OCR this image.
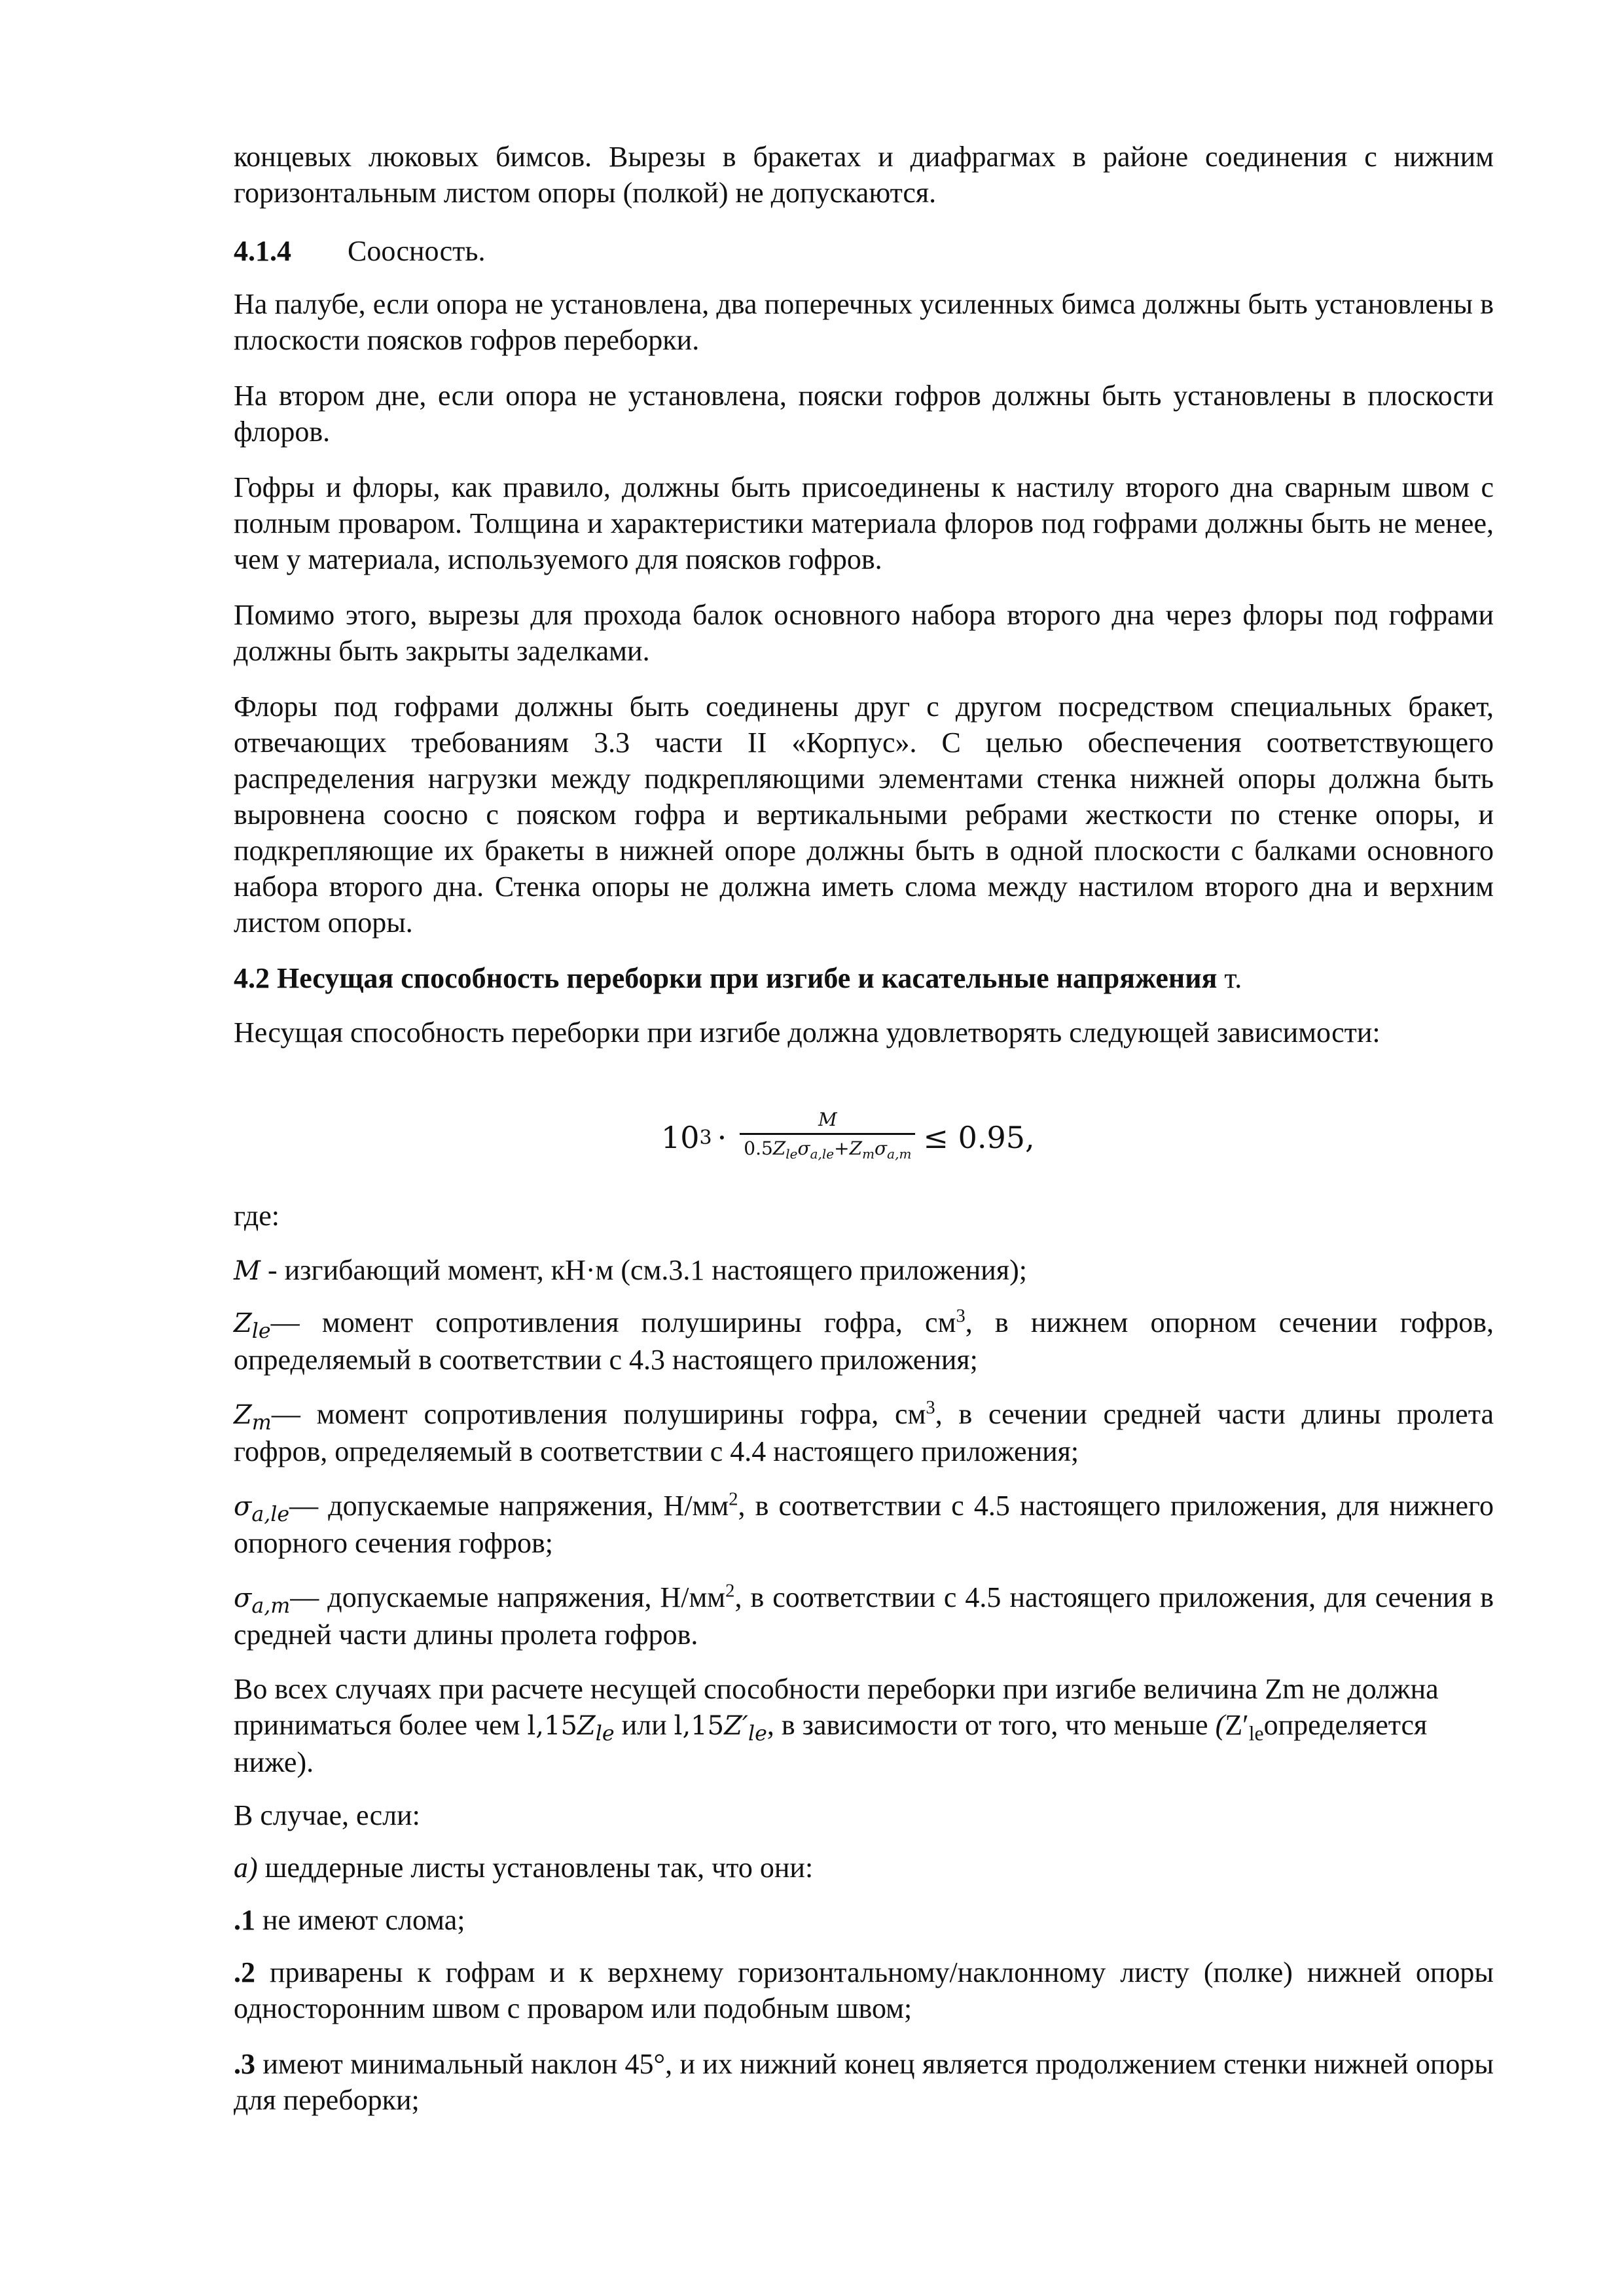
концевых люковых бимсов. Вырезы в бракетах и диафрагмах в районе соединения с нижним горизонтальным листом опоры (полкой) не допускаются.

4.1.4 Соосность.

На палубе, если опора не установлена, два поперечных усиленных бимса должны быть установлены в плоскости поясков гофров переборки.

На втором дне, если опора не установлена, пояски гофров должны быть установлены в плоскости флоров.

Гофры и флоры, как правило, должны быть присоединены к настилу второго дна сварным швом с полным проваром. Толщина и характеристики материала флоров под гофрами должны быть не менее, чем у материала, используемого для поясков гофров.

Помимо этого, вырезы для прохода балок основного набора второго дна через флоры под гофрами должны быть закрыты заделками.

Флоры под гофрами должны быть соединены друг с другом посредством специальных бракет, отвечающих требованиям 3.3 части II «Корпус». С целью обеспечения соответствующего распределения нагрузки между подкрепляющими элементами стенка нижней опоры должна быть выровнена соосно с пояском гофра и вертикальными ребрами жесткости по стенке опоры, и подкрепляющие их бракеты в нижней опоре должны быть в одной плоскости с балками основного набора второго дна. Стенка опоры не должна иметь слома между настилом второго дна и верхним листом опоры.

4.2 Несущая способность переборки при изгибе и касательные напряжения т.

Несущая способность переборки при изгибе должна удовлетворять следующей зависимости:

10 $3 \cdot \frac{M}{0.5Z_{le}\sigma_{a,le}+Z_m\sigma_{a,m}} \le 0.95$,

где:

M - изгибающий момент, кН·м (см.3.1 настоящего приложения);

$Z_{le}—$ момент сопротивления полуширины гофра, $см^3$, в нижнем опорном сечении гофров, определяемый в соответствии с 4.3 настоящего приложения;

$Z_m—$ момент сопротивления полуширины гофра, $см^3$, в сечении средней части длины пролета гофров, определяемый в соответствии с 4.4 настоящего приложения;

$\sigma_{a,le}—$ допускаемые напряжения, $Н/мм^2$, в соответствии с 4.5 настоящего приложения, для нижнего опорного сечения гофров;

$\sigma_{a,m}—$ допускаемые напряжения, $Н/мм^2$, в соответствии с 4.5 настоящего приложения, для сечения в средней части длины пролета гофров.

Во всех случаях при расчете несущей способности переборки при изгибе величина Zm не должна приниматься более чем $l,15Z_{le}$ или $l,15Z'_{le}$, в зависимости от того, что меньше ($Z'_{le}определяется$ ниже).

В случае, если:

а) шеддерные листы установлены так, что они:

.1 не имеют слома;

.2 приварены к гофрам и к верхнему горизонтальному/наклонному листу (полке) нижней опоры односторонним швом с проваром или подобным швом;

.3 имеют минимальный наклон 45°, и их нижний конец является продолжением стенки нижней опоры для переборки;
